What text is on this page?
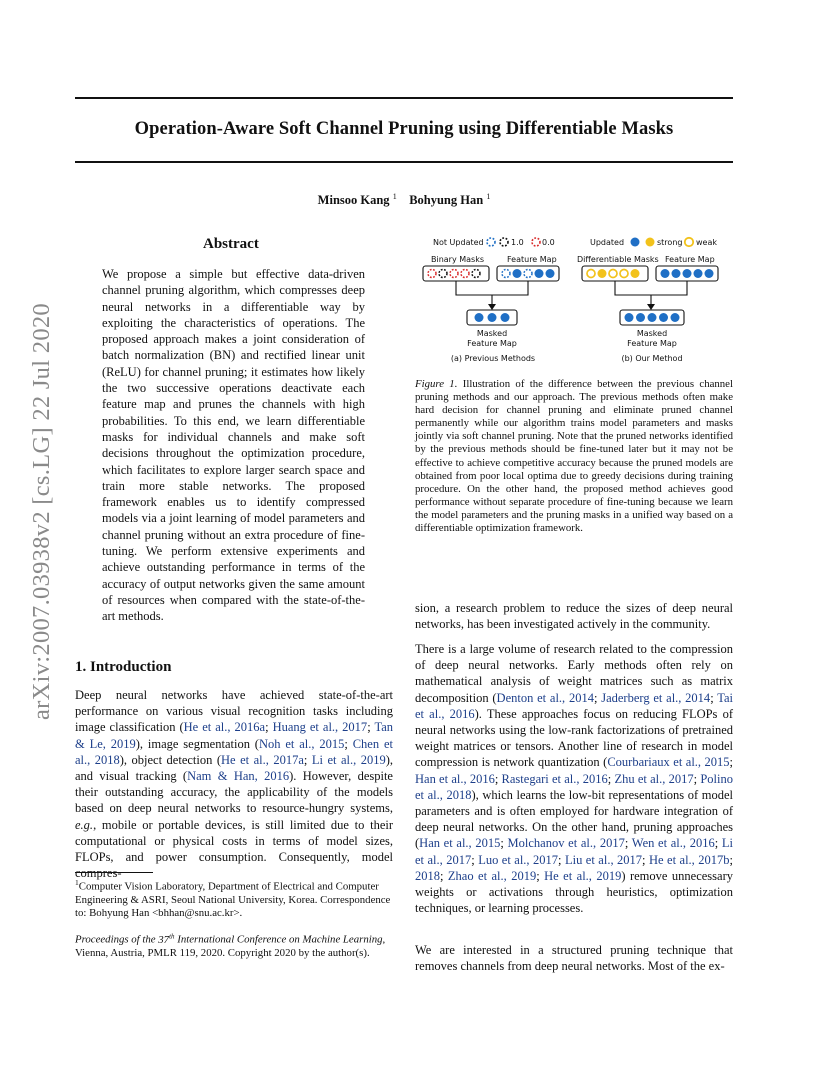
Operation-Aware Soft Channel Pruning using Differentiable Masks
Minsoo Kang $^1$ Bohyung Han $^1$
arXiv:2007.03938v2 [cs.LG] 22 Jul 2020
Abstract
We propose a simple but effective data-driven channel pruning algorithm, which compresses deep neural networks in a differentiable way by exploiting the characteristics of operations. The proposed approach makes a joint consideration of batch normalization (BN) and rectified linear unit (ReLU) for channel pruning; it estimates how likely the two successive operations deactivate each feature map and prunes the channels with high probabilities. To this end, we learn differentiable masks for individual channels and make soft decisions throughout the optimization procedure, which facilitates to explore larger search space and train more stable networks. The proposed framework enables us to identify compressed models via a joint learning of model parameters and channel pruning without an extra procedure of fine-tuning. We perform extensive experiments and achieve outstanding performance in terms of the accuracy of output networks given the same amount of resources when compared with the state-of-the-art methods.
1. Introduction
Deep neural networks have achieved state-of-the-art performance on various visual recognition tasks including image classification (He et al., 2016a; Huang et al., 2017; Tan & Le, 2019), image segmentation (Noh et al., 2015; Chen et al., 2018), object detection (He et al., 2017a; Li et al., 2019), and visual tracking (Nam & Han, 2016). However, despite their outstanding accuracy, the applicability of the models based on deep neural networks to resource-hungry systems, e.g., mobile or portable devices, is still limited due to their computational or physical costs in terms of model sizes, FLOPs, and power consumption. Consequently, model compres-
$^1$Computer Vision Laboratory, Department of Electrical and Computer Engineering & ASRI, Seoul National University, Korea. Correspondence to: Bohyung Han <bhhan@snu.ac.kr>.
Proceedings of the 37th International Conference on Machine Learning, Vienna, Austria, PMLR 119, 2020. Copyright 2020 by the author(s).
Not Updated	1.0 0.0	Updated	strong weak
Binary Masks	Feature Map	Differentiable Masks Feature Map
Masked
Feature Map
(a) Previous Methods
Masked
Feature Map
(b) Our Method
Figure 1. Illustration of the difference between the previous channel pruning methods and our approach. The previous methods often make hard decision for channel pruning and eliminate pruned channel permanently while our algorithm trains model parameters and masks jointly via soft channel pruning. Note that the pruned networks identified by the previous methods should be fine-tuned later but it may not be effective to achieve competitive accuracy because the pruned models are obtained from poor local optima due to greedy decisions during training procedure. On the other hand, the proposed method achieves good performance without separate procedure of fine-tuning because we learn the model parameters and the pruning masks in a unified way based on a differentiable optimization framework.
sion, a research problem to reduce the sizes of deep neural networks, has been investigated actively in the community.
There is a large volume of research related to the compression of deep neural networks. Early methods often rely on mathematical analysis of weight matrices such as matrix decomposition (Denton et al., 2014; Jaderberg et al., 2014; Tai et al., 2016). These approaches focus on reducing FLOPs of neural networks using the low-rank factorizations of pretrained weight matrices or tensors. Another line of research in model compression is network quantization (Courbariaux et al., 2015; Han et al., 2016; Rastegari et al., 2016; Zhu et al., 2017; Polino et al., 2018), which learns the low-bit representations of model parameters and is often employed for hardware integration of deep neural networks. On the other hand, pruning approaches (Han et al., 2015; Molchanov et al., 2017; Wen et al., 2016; Li et al., 2017; Luo et al., 2017; Liu et al., 2017; He et al., 2017b; 2018; Zhao et al., 2019; He et al., 2019) remove unnecessary weights or activations through heuristics, optimization techniques, or learning processes.
We are interested in a structured pruning technique that removes channels from deep neural networks. Most of the ex-
